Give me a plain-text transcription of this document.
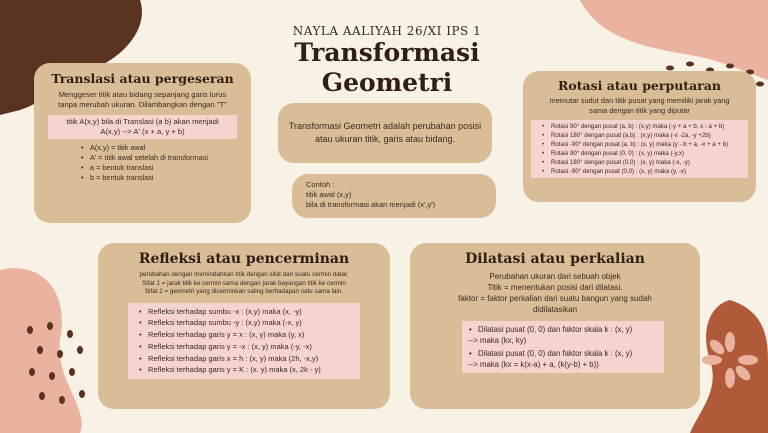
NAYLA AALIYAH 26/XI IPS 1
Transformasi
Geometri
Translasi atau pergeseran
Menggeser titik atau bidang sepanjang garis lurus tanpa merubah ukuran. Dilambangkan dengan "T"
titik A(x,y) bila di Translasi (a b) akan menjadi
A(x,y) --> A' (x + a, y + b)
• A(x,y) = titik awal
• A' = titik awal setelah di transformasi
• a = bentuk translasi
• b = bentuk translasi
Transformasi Geometri adalah perubahan posisi atau ukuran titik, garis atau bidang.
Contoh :
titik awal (x,y)
bila di transformasi akan menjadi (x',y')
Rotasi atau perputaran
memutar sudut dan titik pusat yang memiliki jarak yang sama dengan titik yang diputar
• Rotasi 90° dengan pusat (a, b) : (x,y) maka (-y + a + b, x - a + b)
• Rotasi 180° dengan pusat (a,b) : (x,y) maka (-x -2a, -y +2b)
• Rotasi -90° dengan pusat (a, b) : (x, y) maka (y - b + a, -x + a + b)
• Rotasi 90° dengan pusat (0, 0) : (x, y) maka (-y,x)
• Rotasi 180° dengan pusat (0,0) : (x, y) maka (-x, -y)
• Rotasi -90° dengan pusat (0,0) : (x, y) maka (y, -x)
Refleksi atau pencerminan
perubahan dengan memindahkan titik dengan sifat dari suatu cermin datar.
Sifat 1 = jarak titik ke cermin sama dengan jarak bayangan titik ke cermin
Sifat 2 = geometri yang dicerminkan saling berhadapan satu sama lain.
• Refleksi terhadap sumbu -x : (x,y) maka (x, -y)
• Refleksi terhadap sumbu -y : (x,y) maka (-x, y)
• Refleksi terhadap garis y = x : (x, y) maka (y, x)
• Refleksi terhadap garis y = -x : (x, y) maka (-y, -x)
• Refleksi terhadap garis x = h : (x, y) maka (2h, -x,y)
• Refleksi terhadap garis y = K : (x. y) maka (x, 2k - y)
Dilatasi atau perkalian
Perubahan ukuran dari sebuah objek
Titik = menentukan posisi dari dilatasi.
faktor = faktor perkalian dari suatu bangun yang sudah didilatasikan
• Dilatasi pusat (0, 0) dan faktor skala k : (x, y)
--> maka (kx, ky)
• Dilatasi pusat (0, 0) dan faktor skala k : (x, y)
--> maka (kx = k(x-a) + a, (k(y-b) + b))
